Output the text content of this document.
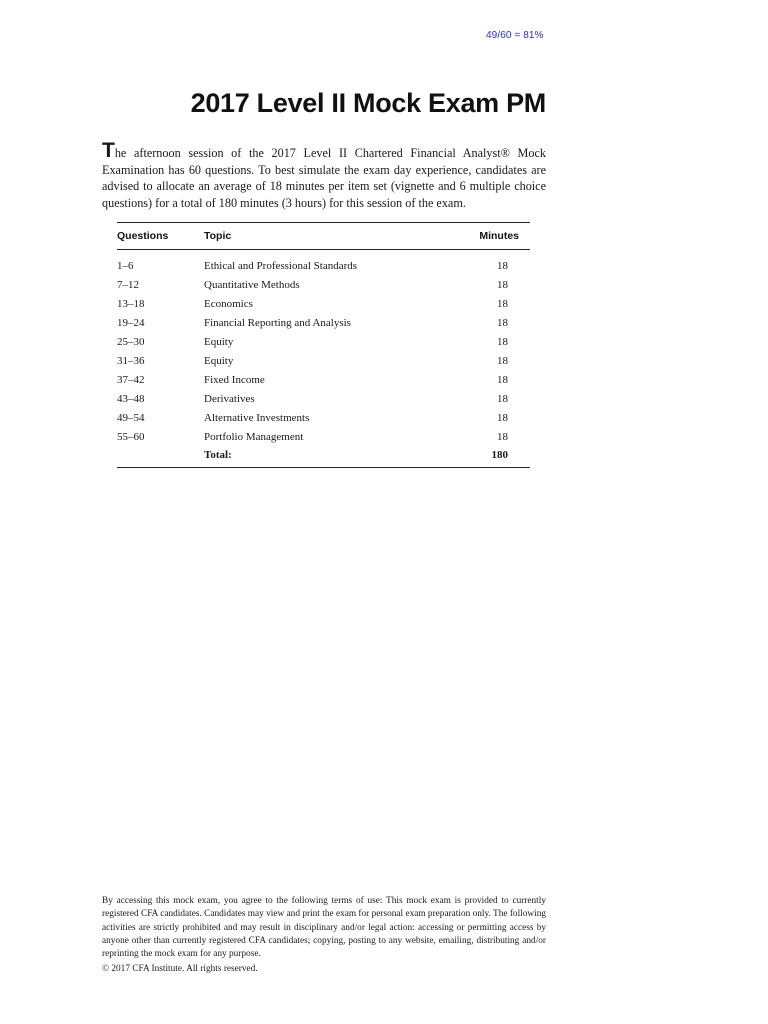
49/60 = 81%
2017 Level II Mock Exam PM

The afternoon session of the 2017 Level II Chartered Financial Analyst® Mock Examination has 60 questions. To best simulate the exam day experience, candidates are advised to allocate an average of 18 minutes per item set (vignette and 6 multiple choice questions) for a total of 180 minutes (3 hours) for this session of the exam.

Questions	Topic	Minutes
1–6	Ethical and Professional Standards	18
7–12	Quantitative Methods	18
13–18	Economics	18
19–24	Financial Reporting and Analysis	18
25–30	Equity	18
31–36	Equity	18
37–42	Fixed Income	18
43–48	Derivatives	18
49–54	Alternative Investments	18
55–60	Portfolio Management	18
	Total:	180

By accessing this mock exam, you agree to the following terms of use: This mock exam is provided to currently registered CFA candidates. Candidates may view and print the exam for personal exam preparation only. The following activities are strictly prohibited and may result in disciplinary and/or legal action: accessing or permitting access by anyone other than currently registered CFA candidates; copying, posting to any website, emailing, distributing and/or reprinting the mock exam for any purpose.

© 2017 CFA Institute. All rights reserved.
